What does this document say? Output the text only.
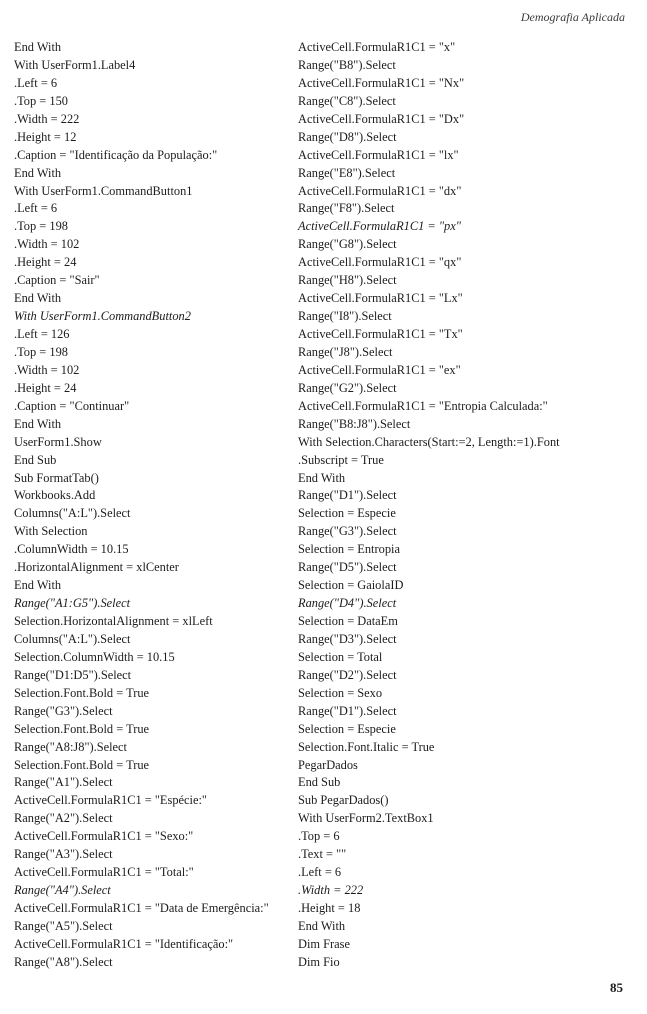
Demografia Aplicada
End With
With UserForm1.Label4
.Left = 6
.Top = 150
.Width = 222
.Height = 12
.Caption = "Identificação da População:"
End With
With UserForm1.CommandButton1
.Left = 6
.Top = 198
.Width = 102
.Height = 24
.Caption = "Sair"
End With
With UserForm1.CommandButton2
.Left = 126
.Top = 198
.Width = 102
.Height = 24
.Caption = "Continuar"
End With
UserForm1.Show
End Sub
Sub FormatTab()
Workbooks.Add
Columns("A:L").Select
With Selection
.ColumnWidth = 10.15
.HorizontalAlignment = xlCenter
End With
Range("A1:G5").Select
Selection.HorizontalAlignment = xlLeft
Columns("A:L").Select
Selection.ColumnWidth = 10.15
Range("D1:D5").Select
Selection.Font.Bold = True
Range("G3").Select
Selection.Font.Bold = True
Range("A8:J8").Select
Selection.Font.Bold = True
Range("A1").Select
ActiveCell.FormulaR1C1 = "Espécie:"
Range("A2").Select
ActiveCell.FormulaR1C1 = "Sexo:"
Range("A3").Select
ActiveCell.FormulaR1C1 = "Total:"
Range("A4").Select
ActiveCell.FormulaR1C1 = "Data de Emergência:"
Range("A5").Select
ActiveCell.FormulaR1C1 = "Identificação:"
Range("A8").Select
ActiveCell.FormulaR1C1 = "x"
Range("B8").Select
ActiveCell.FormulaR1C1 = "Nx"
Range("C8").Select
ActiveCell.FormulaR1C1 = "Dx"
Range("D8").Select
ActiveCell.FormulaR1C1 = "lx"
Range("E8").Select
ActiveCell.FormulaR1C1 = "dx"
Range("F8").Select
ActiveCell.FormulaR1C1 = "px"
Range("G8").Select
ActiveCell.FormulaR1C1 = "qx"
Range("H8").Select
ActiveCell.FormulaR1C1 = "Lx"
Range("I8").Select
ActiveCell.FormulaR1C1 = "Tx"
Range("J8").Select
ActiveCell.FormulaR1C1 = "ex"
Range("G2").Select
ActiveCell.FormulaR1C1 = "Entropia Calculada:"
Range("B8:J8").Select
With Selection.Characters(Start:=2, Length:=1).Font
.Subscript = True
End With
Range("D1").Select
Selection = Especie
Range("G3").Select
Selection = Entropia
Range("D5").Select
Selection = GaiolaID
Range("D4").Select
Selection = DataEm
Range("D3").Select
Selection = Total
Range("D2").Select
Selection = Sexo
Range("D1").Select
Selection = Especie
Selection.Font.Italic = True
PegarDados
End Sub
Sub PegarDados()
With UserForm2.TextBox1
.Top = 6
.Text = ""
.Left = 6
.Width = 222
.Height = 18
End With
Dim Frase
Dim Fio
85
